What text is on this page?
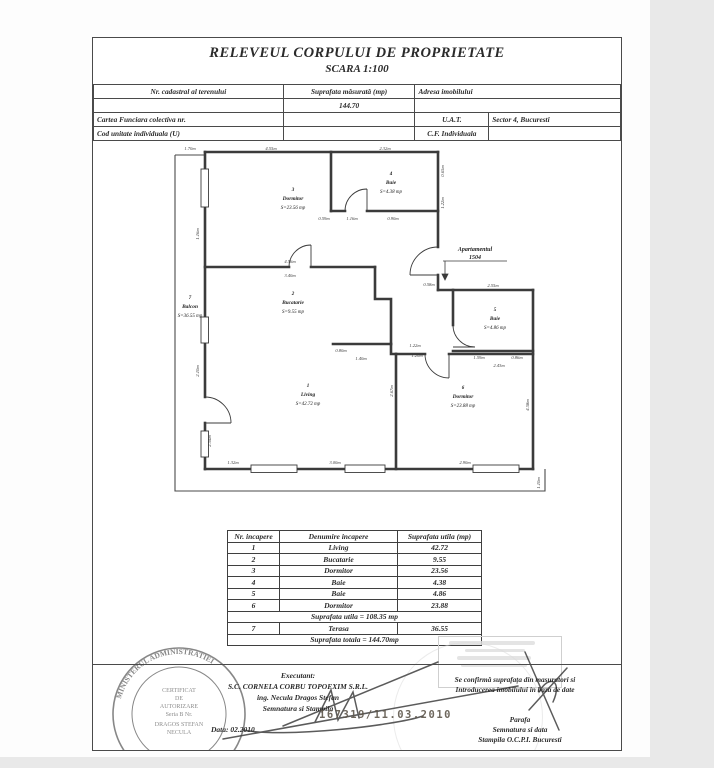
RELEVEUL CORPULUI DE PROPRIETATE
SCARA 1:100
Nr. cadastral al terenului	Suprafata măsurată (mp)	Adresa imobilului	
	144.70		
Cartea Funciara colectiva nr.		U.A.T.	Sector 4, Bucuresti
Cod unitate individuala (U)		C.F. Individuala	
Apartamentul
1504
3
Dormitor
S=23.56 mp
4
Baie
S=4.38 mp
2
Bucatarie
S=9.55 mp
7
Balcon
S=36.55 mp
1
Living
S=42.72 mp
5
Baie
S=4.86 mp
6
Dormitor
S=23.88 mp
1.70m	4.55m	2.32m
0.65m
1.22m
0.59m	1.16m	0.90m
4.56m
3.40m
1.16m
2.10m
0.80m
1.40m
2.55m
1.59m	0.86m
2.43m
1.22m
1.20m
0.58m
2.67m
4.58m
2.54m
1.32m	3.00m	2.90m
1.10m
Nr. incapere	Denumire incapere	Suprafata utila (mp)
1	Living	42.72
2	Bucatarie	9.55
3	Dormitor	23.56
4	Baie	4.38
5	Baie	4.86
6	Dormitor	23.88
Suprafata utila = 108.35 mp		
7	Terasa	36.55
Suprafata totala = 144.70mp		
MINISTERUL ADMINISTRATIEI
CERTIFICAT
DE
AUTORIZARE
Seria B Nr.
DRAGOS STEFAN
NECULA
Executant:
S.C. CORNELA CORBU TOPOEXIM S.R.L.
ing. Necula Dragos Stefan
Semnatura si Stampila
Data: 02.2010
167319/11.03.2010
Se confirmă suprafața din masuratori si
Introducerea imobilului in baza de date
Parafa
Semnatura si data
Stampila O.C.P.I. Bucuresti
